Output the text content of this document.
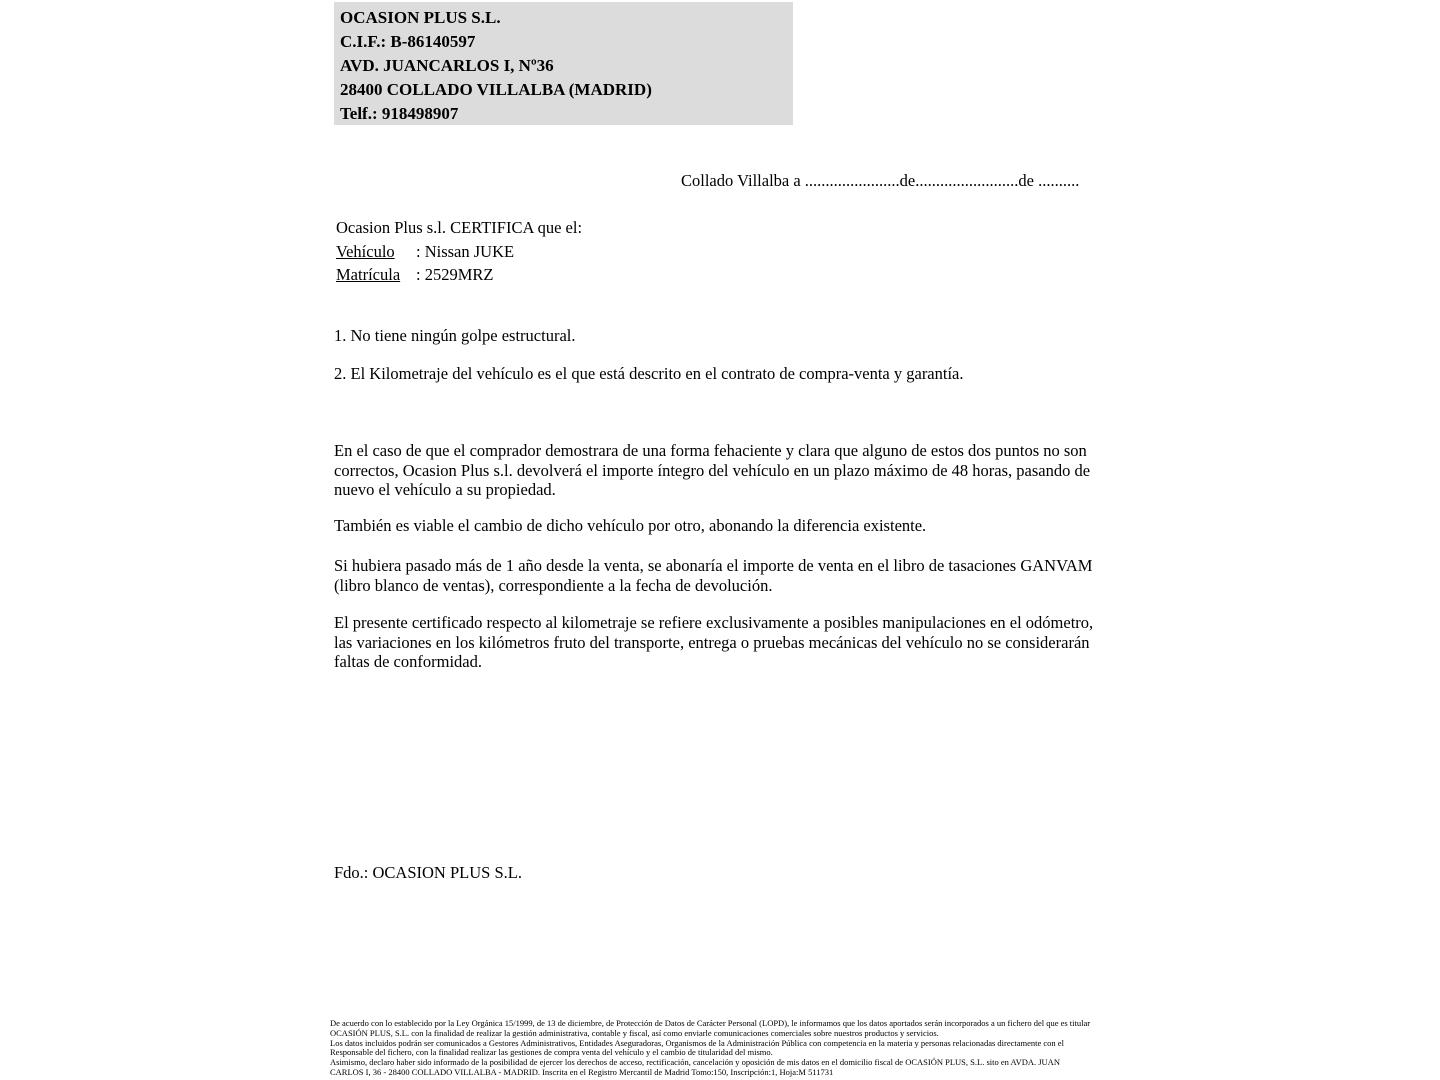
OCASION PLUS S.L.
C.I.F.: B-86140597
AVD. JUANCARLOS I, Nº36
28400 COLLADO VILLALBA (MADRID)
Telf.: 918498907
Collado Villalba a .......................de.........................de ..........
Ocasion Plus s.l. CERTIFICA que el:
Vehículo	: Nissan JUKE
Matrícula : 2529MRZ
1. No tiene ningún golpe estructural.
2. El Kilometraje del vehículo es el que está descrito en el contrato de compra-venta y garantía.
En el caso de que el comprador demostrara de una forma fehaciente y clara que alguno de estos dos puntos no son correctos, Ocasion Plus s.l. devolverá el importe íntegro del vehículo en un plazo máximo de 48 horas, pasando de nuevo el vehículo a su propiedad.
También es viable el cambio de dicho vehículo por otro, abonando la diferencia existente.
Si hubiera pasado más de 1 año desde la venta, se abonaría el importe de venta en el libro de tasaciones GANVAM (libro blanco de ventas), correspondiente a la fecha de devolución.
El presente certificado respecto al kilometraje se refiere exclusivamente a posibles manipulaciones en el odómetro, las variaciones en los kilómetros fruto del transporte, entrega o pruebas mecánicas del vehículo no se considerarán faltas de conformidad.
Fdo.: OCASION PLUS S.L.
De acuerdo con lo establecido por la Ley Orgánica 15/1999, de 13 de diciembre, de Protección de Datos de Carácter Personal (LOPD), le informamos que los datos aportados serán incorporados a un fichero del que es titular
OCASIÓN PLUS, S.L. con la finalidad de realizar la gestión administrativa, contable y fiscal, así como enviarle comunicaciones comerciales sobre nuestros productos y servicios.
Los datos incluidos podrán ser comunicados a Gestores Administrativos, Entidades Aseguradoras, Organismos de la Administración Pública con competencia en la materia y personas relacionadas directamente con el
Responsable del fichero, con la finalidad realizar las gestiones de compra venta del vehículo y el cambio de titularidad del mismo.
Asimismo, declaro haber sido informado de la posibilidad de ejercer los derechos de acceso, rectificación, cancelación y oposición de mis datos en el domicilio fiscal de OCASIÓN PLUS, S.L. sito en AVDA. JUAN
CARLOS I, 36 - 28400 COLLADO VILLALBA - MADRID. Inscrita en el Registro Mercantil de Madrid Tomo:150, Inscripción:1, Hoja:M 511731
